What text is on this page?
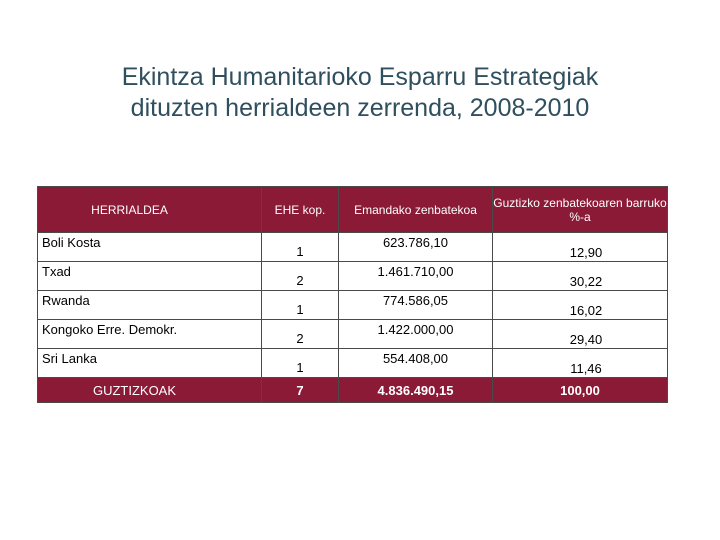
Ekintza Humanitarioko Esparru Estrategiak
dituzten herrialdeen zerrenda, 2008-2010
HERRIALDEA	EHE kop.	Emandako zenbatekoa	Guztizko zenbatekoaren barruko %-a
Boli Kosta	1	623.786,10	12,90
Txad	2	1.461.710,00	30,22
Rwanda	1	774.586,05	16,02
Kongoko Erre. Demokr.	2	1.422.000,00	29,40
Sri Lanka	1	554.408,00	11,46
GUZTIZKOAK	7	4.836.490,15	100,00
